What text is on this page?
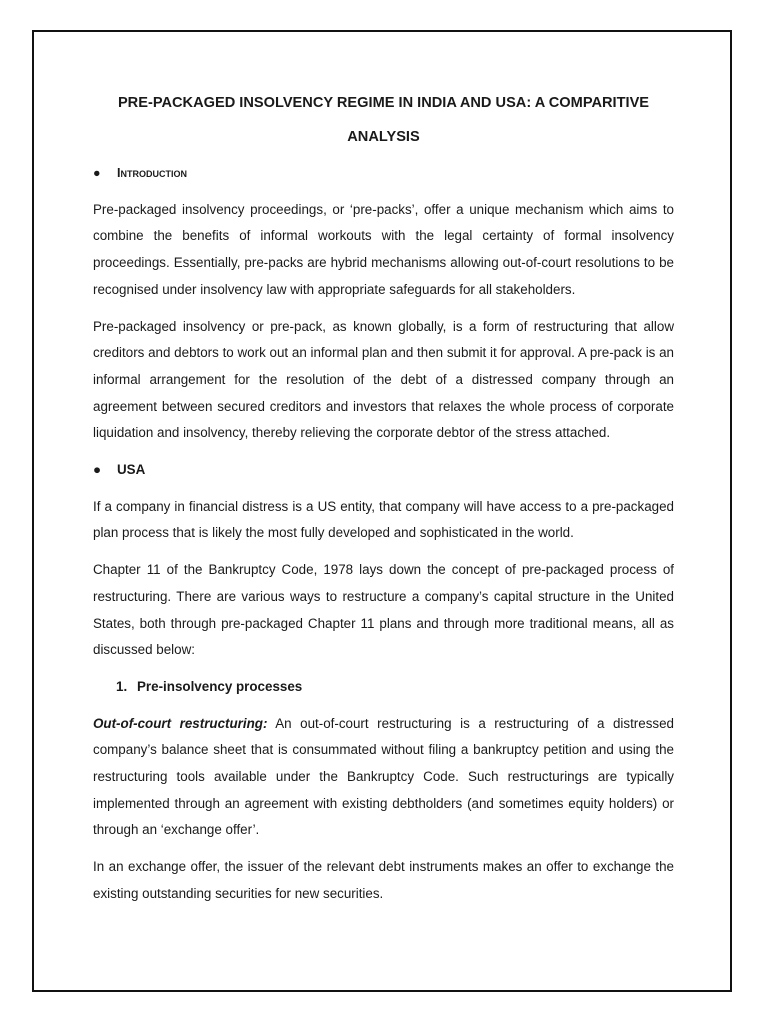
PRE-PACKAGED INSOLVENCY REGIME IN INDIA AND USA: A COMPARITIVE ANALYSIS
● Introduction

Pre-packaged insolvency proceedings, or ‘pre-packs’, offer a unique mechanism which aims to combine the benefits of informal workouts with the legal certainty of formal insolvency proceedings. Essentially, pre-packs are hybrid mechanisms allowing out-of-court resolutions to be recognised under insolvency law with appropriate safeguards for all stakeholders.

Pre-packaged insolvency or pre-pack, as known globally, is a form of restructuring that allow creditors and debtors to work out an informal plan and then submit it for approval. A pre-pack is an informal arrangement for the resolution of the debt of a distressed company through an agreement between secured creditors and investors that relaxes the whole process of corporate liquidation and insolvency, thereby relieving the corporate debtor of the stress attached.

● USA

If a company in financial distress is a US entity, that company will have access to a pre-packaged plan process that is likely the most fully developed and sophisticated in the world.

Chapter 11 of the Bankruptcy Code, 1978 lays down the concept of pre-packaged process of restructuring. There are various ways to restructure a company’s capital structure in the United States, both through pre-packaged Chapter 11 plans and through more traditional means, all as discussed below:

1. Pre-insolvency processes

Out-of-court restructuring: An out-of-court restructuring is a restructuring of a distressed company’s balance sheet that is consummated without filing a bankruptcy petition and using the restructuring tools available under the Bankruptcy Code. Such restructurings are typically implemented through an agreement with existing debtholders (and sometimes equity holders) or through an ‘exchange offer’.

In an exchange offer, the issuer of the relevant debt instruments makes an offer to exchange the existing outstanding securities for new securities.
